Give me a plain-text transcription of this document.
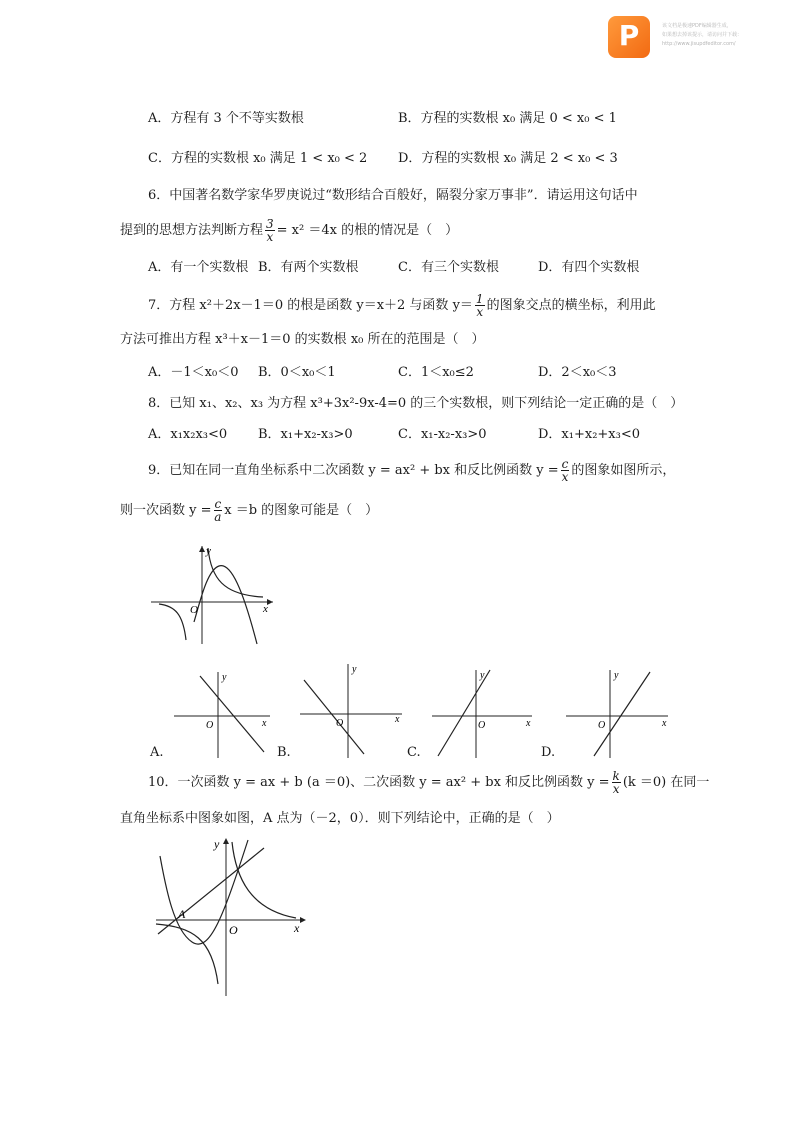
P	该文档是极速PDF编辑器生成，
如果想去掉该提示，请访问并下载：
http://www.jisupdfeditor.com/
A．方程有 3 个不等实数根	B．方程的实数根 x₀ 满足 0 < x₀ < 1
C．方程的实数根 x₀ 满足 1 < x₀ < 2 D．方程的实数根 x₀ 满足 2 < x₀ < 3
6．中国著名数学家华罗庚说过“数形结合百般好，隔裂分家万事非”．请运用这句话中
提到的思想方法判断方程 $\frac{3}{x} = x^2 =4x$ 的根的情况是（　）
A．有一个实数根 B．有两个实数根	C．有三个实数根	D．有四个实数根
7．方程 x²＋2x－1＝0 的根是函数 y＝x＋2 与函数 $y= \frac{1}{x}$ 的图象交点的横坐标，利用此
方法可推出方程 x³＋x－1＝0 的实数根 x₀ 所在的范围是（　）
A．－1＜x₀＜0 B．0＜x₀＜1	C．1＜x₀≤2	D．2＜x₀＜3
8．已知 x₁、x₂、x₃ 为方程 x³+3x²-9x-4=0 的三个实数根，则下列结论一定正确的是（　）
A．x₁x₂x₃<0 B．x₁+x₂-x₃>0	C．x₁-x₂-x₃>0	D．x₁+x₂+x₃<0
9．已知在同一直角坐标系中二次函数 y = ax² + bx 和反比例函数 $y = \frac{c}{x}$ 的图象如图所示，
则一次函数 $y = \frac{c}{a}$ x ＝b 的图象可能是（　）
x
y
O
x
y
O
A.
x
y
O
B.
x
y
O
C.
x
y
O
D.
10．一次函数 y = ax + b (a ＝0)、二次函数 y = ax² + bx 和反比例函数 $y = \frac{k}{x} (k =0)$ 在同一
直角坐标系中图象如图，A 点为（－2，0）．则下列结论中，正确的是（　）
x
y
O
A
